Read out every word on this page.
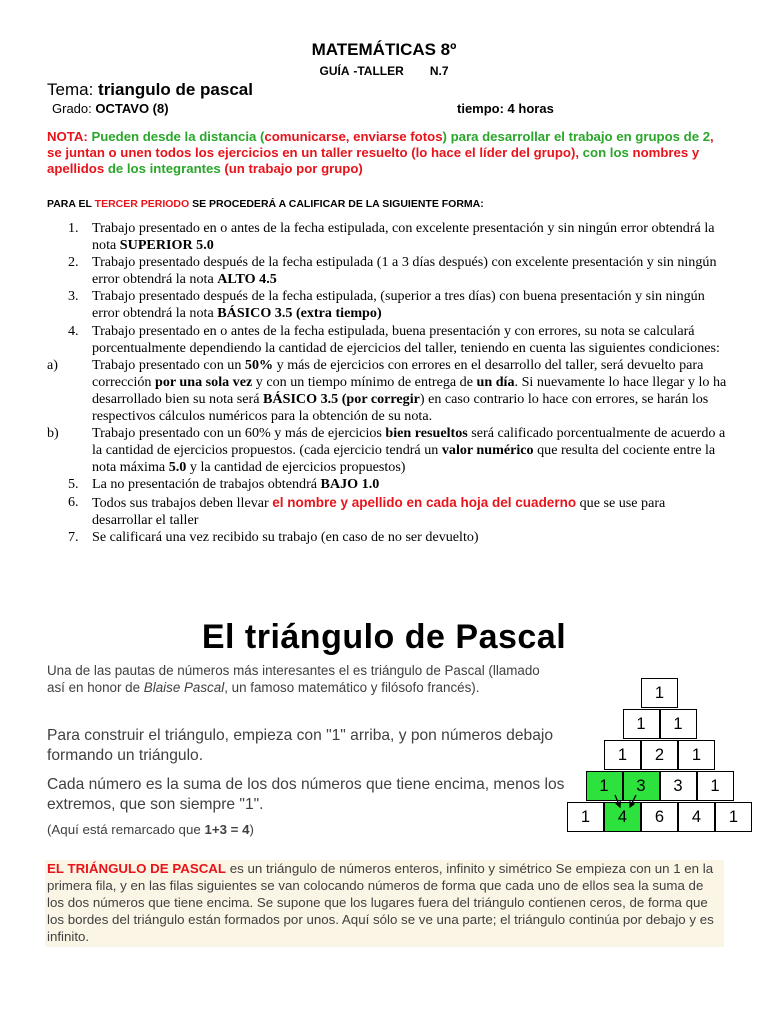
MATEMÁTICAS 8º
GUÍA -TALLER N.7
Tema: triangulo de pascal
Grado: OCTAVO (8)	tiempo: 4 horas
NOTA: Pueden desde la distancia (comunicarse, enviarse fotos) para desarrollar el trabajo en grupos de 2, se juntan o unen todos los ejercicios en un taller resuelto (lo hace el líder del grupo), con los nombres y apellidos de los integrantes (un trabajo por grupo)
PARA EL TERCER PERIODO SE PROCEDERÁ A CALIFICAR DE LA SIGUIENTE FORMA:
1. Trabajo presentado en o antes de la fecha estipulada, con excelente presentación y sin ningún error obtendrá la nota SUPERIOR 5.0
2. Trabajo presentado después de la fecha estipulada (1 a 3 días después) con excelente presentación y sin ningún error obtendrá la nota ALTO 4.5
3. Trabajo presentado después de la fecha estipulada, (superior a tres días) con buena presentación y sin ningún error obtendrá la nota BÁSICO 3.5 (extra tiempo)
4. Trabajo presentado en o antes de la fecha estipulada, buena presentación y con errores, su nota se calculará porcentualmente dependiendo la cantidad de ejercicios del taller, teniendo en cuenta las siguientes condiciones:
a) Trabajo presentado con un 50% y más de ejercicios con errores en el desarrollo del taller, será devuelto para corrección por una sola vez y con un tiempo mínimo de entrega de un día. Si nuevamente lo hace llegar y lo ha desarrollado bien su nota será BÁSICO 3.5 (por corregir) en caso contrario lo hace con errores, se harán los respectivos cálculos numéricos para la obtención de su nota.
b) Trabajo presentado con un 60% y más de ejercicios bien resueltos será calificado porcentualmente de acuerdo a la cantidad de ejercicios propuestos. (cada ejercicio tendrá un valor numérico que resulta del cociente entre la nota máxima 5.0 y la cantidad de ejercicios propuestos)
5. La no presentación de trabajos obtendrá BAJO 1.0
6. Todos sus trabajos deben llevar el nombre y apellido en cada hoja del cuaderno que se use para desarrollar el taller
7. Se calificará una vez recibido su trabajo (en caso de no ser devuelto)
El triángulo de Pascal
Una de las pautas de números más interesantes el es triángulo de Pascal (llamado así en honor de Blaise Pascal, un famoso matemático y filósofo francés).
Para construir el triángulo, empieza con "1" arriba, y pon números debajo formando un triángulo.
Cada número es la suma de los dos números que tiene encima, menos los extremos, que son siempre "1".
(Aquí está remarcado que 1+3 = 4)
1
1	1
1	2	1
1	3	3	1
1	4	6	4	1
EL TRIÁNGULO DE PASCAL es un triángulo de números enteros, infinito y simétrico Se empieza con un 1 en la primera fila, y en las filas siguientes se van colocando números de forma que cada uno de ellos sea la suma de los dos números que tiene encima. Se supone que los lugares fuera del triángulo contienen ceros, de forma que los bordes del triángulo están formados por unos. Aquí sólo se ve una parte; el triángulo continúa por debajo y es infinito.
